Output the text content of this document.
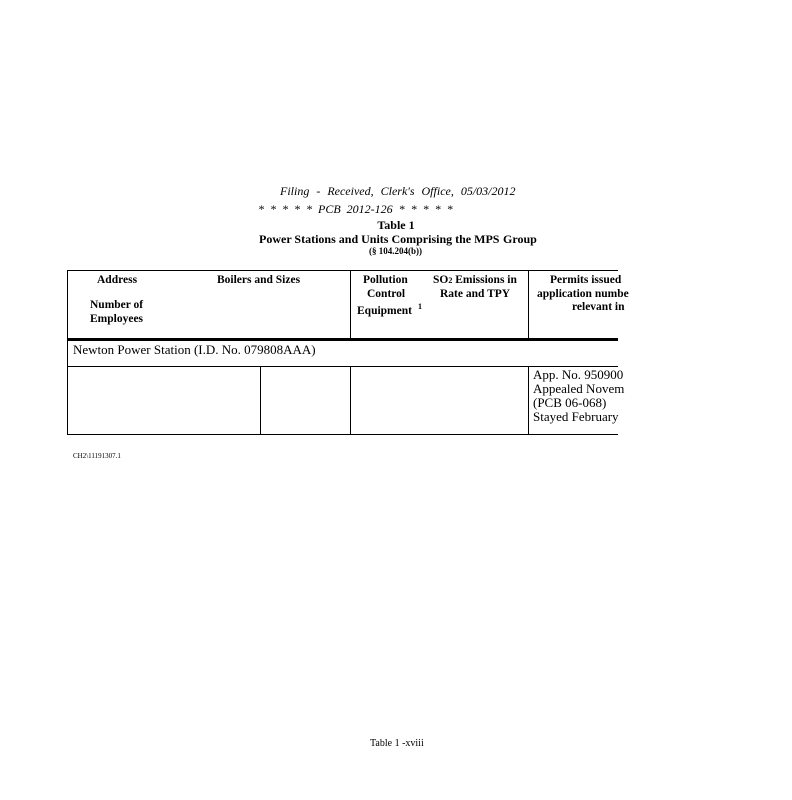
Filing - Received, Clerk's Office, 05/03/2012
* * * * * PCB 2012-126 * * * * *
Table 1
Power Stations and Units Comprising the MPS Group
(§ 104.204(b))
Address
Number of
Employees
Boilers and Sizes	Pollution
Control
Equipment $^1$
SO2 Emissions in
Rate and TPY
Permits issued
application numbe
relevant in
Newton Power Station (I.D. No. 079808AAA)
App. No. 950900
Appealed Novem
(PCB 06-068)
Stayed February
CH2\11191307.1
Table 1 -xviii
